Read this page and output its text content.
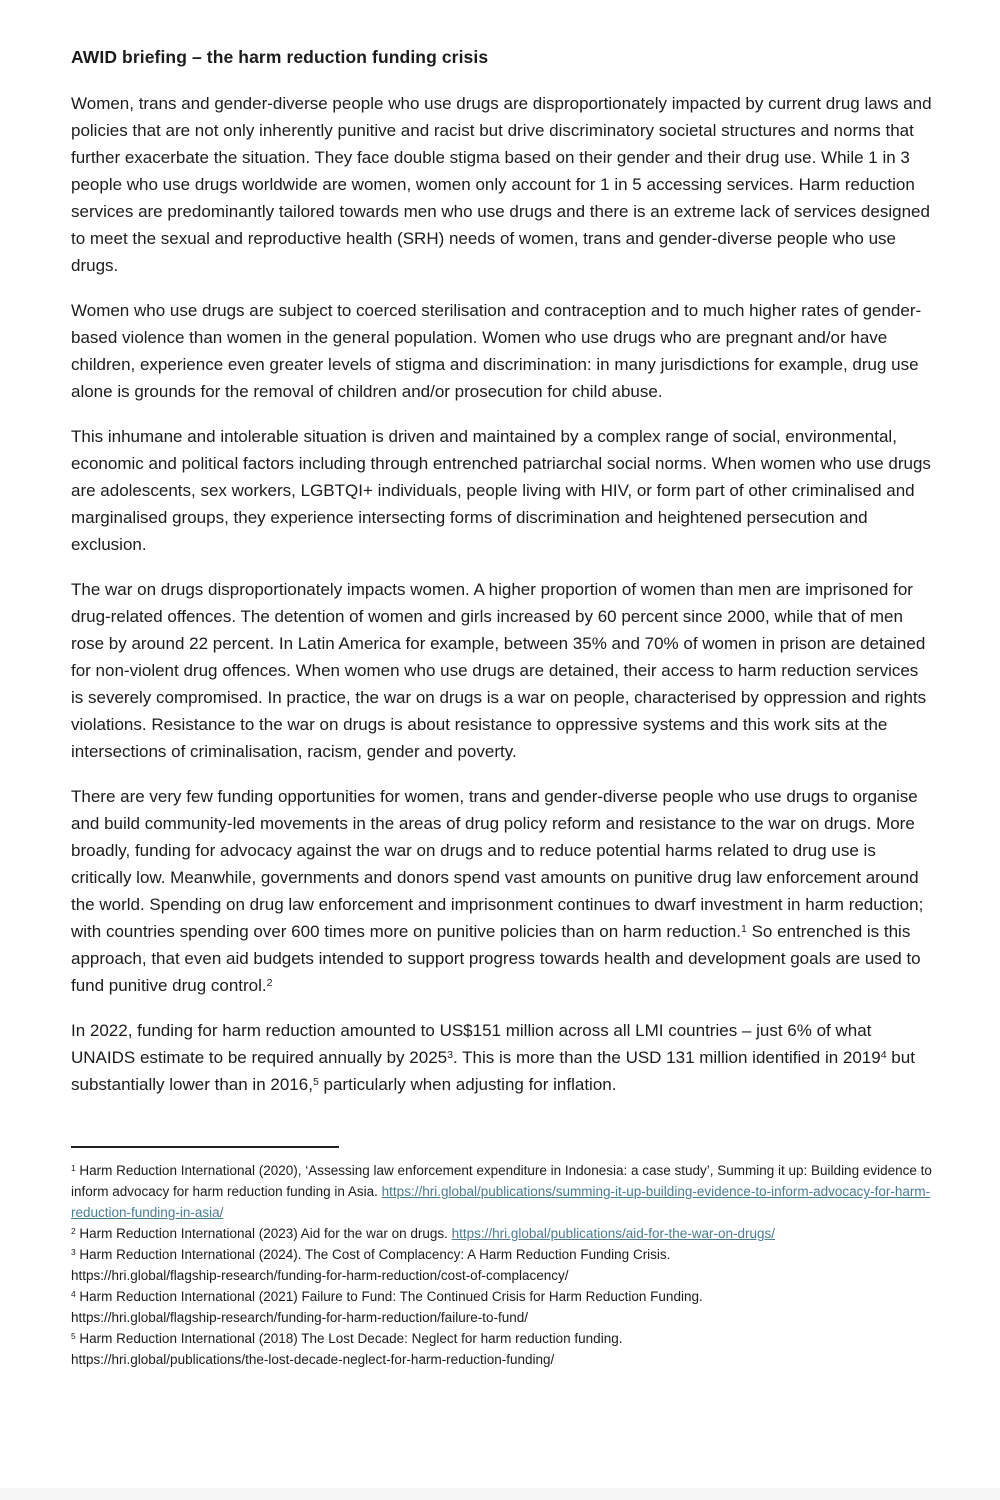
AWID briefing – the harm reduction funding crisis

Women, trans and gender-diverse people who use drugs are disproportionately impacted by current drug laws and policies that are not only inherently punitive and racist but drive discriminatory societal structures and norms that further exacerbate the situation. They face double stigma based on their gender and their drug use. While 1 in 3 people who use drugs worldwide are women, women only account for 1 in 5 accessing services. Harm reduction services are predominantly tailored towards men who use drugs and there is an extreme lack of services designed to meet the sexual and reproductive health (SRH) needs of women, trans and gender-diverse people who use drugs.

Women who use drugs are subject to coerced sterilisation and contraception and to much higher rates of gender-based violence than women in the general population. Women who use drugs who are pregnant and/or have children, experience even greater levels of stigma and discrimination: in many jurisdictions for example, drug use alone is grounds for the removal of children and/or prosecution for child abuse.

This inhumane and intolerable situation is driven and maintained by a complex range of social, environmental, economic and political factors including through entrenched patriarchal social norms. When women who use drugs are adolescents, sex workers, LGBTQI+ individuals, people living with HIV, or form part of other criminalised and marginalised groups, they experience intersecting forms of discrimination and heightened persecution and exclusion.

The war on drugs disproportionately impacts women. A higher proportion of women than men are imprisoned for drug-related offences. The detention of women and girls increased by 60 percent since 2000, while that of men rose by around 22 percent. In Latin America for example, between 35% and 70% of women in prison are detained for non-violent drug offences. When women who use drugs are detained, their access to harm reduction services is severely compromised. In practice, the war on drugs is a war on people, characterised by oppression and rights violations. Resistance to the war on drugs is about resistance to oppressive systems and this work sits at the intersections of criminalisation, racism, gender and poverty.

There are very few funding opportunities for women, trans and gender-diverse people who use drugs to organise and build community-led movements in the areas of drug policy reform and resistance to the war on drugs. More broadly, funding for advocacy against the war on drugs and to reduce potential harms related to drug use is critically low. Meanwhile, governments and donors spend vast amounts on punitive drug law enforcement around the world. Spending on drug law enforcement and imprisonment continues to dwarf investment in harm reduction; with countries spending over 600 times more on punitive policies than on harm reduction.$^1$ So entrenched is this approach, that even aid budgets intended to support progress towards health and development goals are used to fund punitive drug control.$^2$

In 2022, funding for harm reduction amounted to US$151 million across all LMI countries – just 6% of what UNAIDS estimate to be required annually by 2025$^3$. This is more than the USD 131 million identified in 2019$^4$ but substantially lower than in 2016,$^5$ particularly when adjusting for inflation.

$^1$ Harm Reduction International (2020), ‘Assessing law enforcement expenditure in Indonesia: a case study’, Summing it up: Building evidence to inform advocacy for harm reduction funding in Asia. https://hri.global/publications/summing-it-up-building-evidence-to-inform-advocacy-for-harm-reduction-funding-in-asia/
$^2$ Harm Reduction International (2023) Aid for the war on drugs. https://hri.global/publications/aid-for-the-war-on-drugs/
$^3$ Harm Reduction International (2024). The Cost of Complacency: A Harm Reduction Funding Crisis.
https://hri.global/flagship-research/funding-for-harm-reduction/cost-of-complacency/
$^4$ Harm Reduction International (2021) Failure to Fund: The Continued Crisis for Harm Reduction Funding.
https://hri.global/flagship-research/funding-for-harm-reduction/failure-to-fund/
$^5$ Harm Reduction International (2018) The Lost Decade: Neglect for harm reduction funding.
https://hri.global/publications/the-lost-decade-neglect-for-harm-reduction-funding/
